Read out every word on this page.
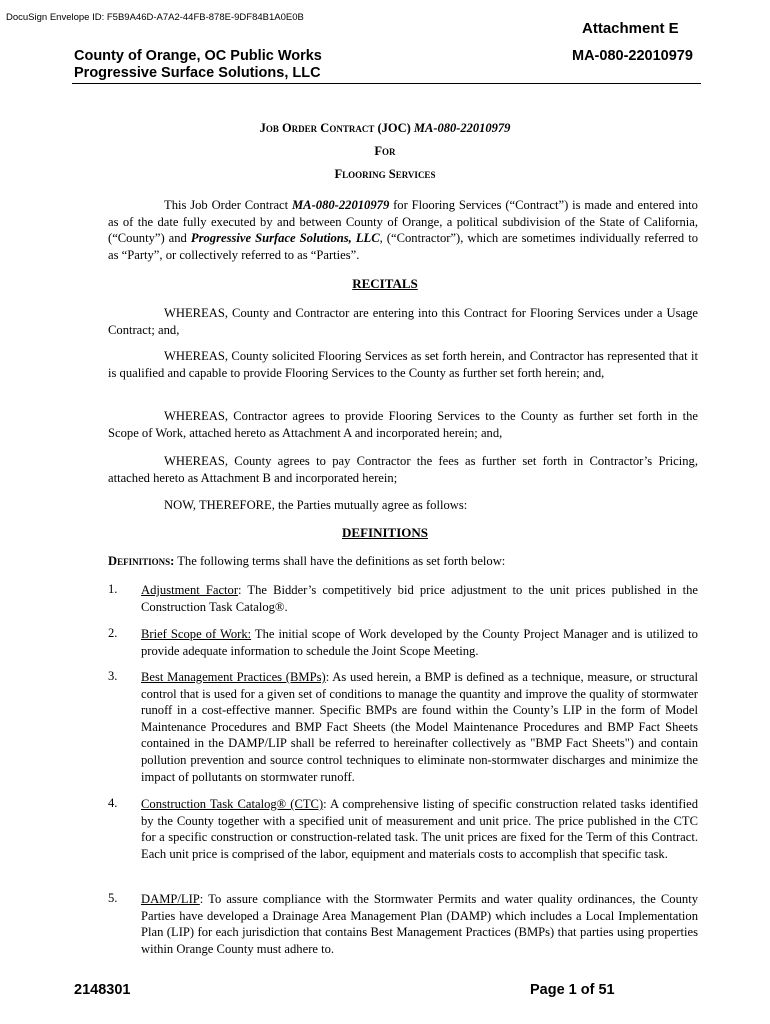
DocuSign Envelope ID: F5B9A46D-A7A2-44FB-878E-9DF84B1A0E0B
Attachment E
County of Orange, OC Public Works
Progressive Surface Solutions, LLC
MA-080-22010979
Job Order Contract (JOC) MA-080-22010979
For
Flooring Services
This Job Order Contract MA-080-22010979 for Flooring Services (“Contract”) is made and entered into as of the date fully executed by and between County of Orange, a political subdivision of the State of California, (“County”) and Progressive Surface Solutions, LLC, (“Contractor”), which are sometimes individually referred to as “Party”, or collectively referred to as “Parties”.
RECITALS
WHEREAS, County and Contractor are entering into this Contract for Flooring Services under a Usage Contract; and,
WHEREAS, County solicited Flooring Services as set forth herein, and Contractor has represented that it is qualified and capable to provide Flooring Services to the County as further set forth herein; and,
WHEREAS, Contractor agrees to provide Flooring Services to the County as further set forth in the Scope of Work, attached hereto as Attachment A and incorporated herein; and,
WHEREAS, County agrees to pay Contractor the fees as further set forth in Contractor’s Pricing, attached hereto as Attachment B and incorporated herein;
NOW, THEREFORE, the Parties mutually agree as follows:
DEFINITIONS
Definitions: The following terms shall have the definitions as set forth below:
1. Adjustment Factor: The Bidder’s competitively bid price adjustment to the unit prices published in the Construction Task Catalog®.
2. Brief Scope of Work: The initial scope of Work developed by the County Project Manager and is utilized to provide adequate information to schedule the Joint Scope Meeting.
3. Best Management Practices (BMPs): As used herein, a BMP is defined as a technique, measure, or structural control that is used for a given set of conditions to manage the quantity and improve the quality of stormwater runoff in a cost-effective manner. Specific BMPs are found within the County’s LIP in the form of Model Maintenance Procedures and BMP Fact Sheets (the Model Maintenance Procedures and BMP Fact Sheets contained in the DAMP/LIP shall be referred to hereinafter collectively as "BMP Fact Sheets") and contain pollution prevention and source control techniques to eliminate non-stormwater discharges and minimize the impact of pollutants on stormwater runoff.
4. Construction Task Catalog® (CTC): A comprehensive listing of specific construction related tasks identified by the County together with a specified unit of measurement and unit price. The price published in the CTC for a specific construction or construction-related task. The unit prices are fixed for the Term of this Contract. Each unit price is comprised of the labor, equipment and materials costs to accomplish that specific task.
5. DAMP/LIP: To assure compliance with the Stormwater Permits and water quality ordinances, the County Parties have developed a Drainage Area Management Plan (DAMP) which includes a Local Implementation Plan (LIP) for each jurisdiction that contains Best Management Practices (BMPs) that parties using properties within Orange County must adhere to.
2148301	Page 1 of 51
